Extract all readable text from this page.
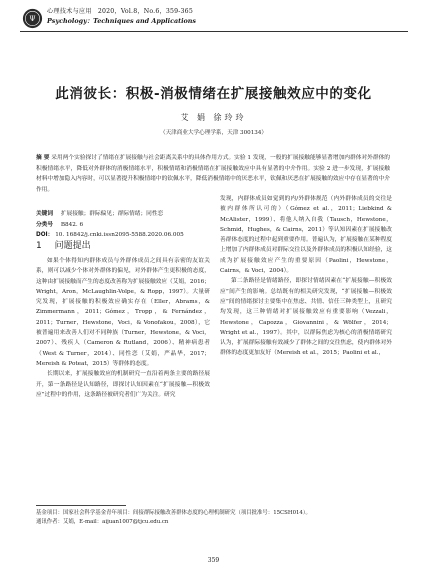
Ψ
心理技术与应用 2020，Vol.8，No.6，359-365
Psychology：Techniques and Applications
此消彼长：积极-消极情绪在扩展接触效应中的变化
艾 娟 徐玲玲
（天津商业大学心理学系，天津 300134）
摘 要 采用两个实验探讨了情绪在扩展接触与社会距离关系中的具体作用方式。实验 1 发现，一般的扩展接触能够显著增加内群体对外群体的积极情绪水平，降低对外群体的消极情绪水平，积极情绪和消极情绪在扩展接触效应中具有显著的中介作用。实验 2 进一步发现，扩展接触材料中增加隐入内容时，可以显著提升积极情绪中的钦佩水平，降低消极情绪中的厌恶水平，钦佩和厌恶在扩展接触的效应中存在显著的中介作用。
关键词 扩展接触；群际偏见；群际情绪；同性恋
分类号 B842. 6
DOI： 10. 16842/j.cnki.issn2095-5588.2020.06.005
1 问题提出

如果个体得知内群体成员与外群体成员之间具有亲密的友谊关系，则可以减少个体对外群体的偏见，对外群体产生更积极的态度，这种由扩展接触而产生的态度改善称为扩展接触效应（艾娟，2016；Wright，Aron，McLaughlin-Volpe，& Ropp，1997）。大量研究发现，扩展接触的积极效应确实存在（Eller，Abrams，& Zimmermann，2011；Gómez，Tropp，& Fernández，2011；Turner，Hewstone，Voci，& Vonofakou，2008），它被普遍用来改善人们对不同种族（Turner，Hewstone，& Voci，2007）、残疾人（Cameron & Rutland，2006）、精神病患者（West & Turner，2014）、同性恋（艾娟，严晶华，2017；Mereish & Poteat，2015）等群体的态度。

长期以来，扩展接触效应的机制研究一直沿着两条主要的路径展开，第一条路径是认知路径，即探讨认知因素在“扩展接触—积极效应”过程中的作用，这条路径被研究者们广为关注。研究

发现，内群体成员如觉到的内/外群体规范（内外群体成员的交往是被内群体所认可的）（Gómez et al.，2011；Liebkind & McAlister，1999）、将他人纳入自我（Tausch，Hewstone，Schmid，Hughes，& Cairns，2011）等认知因素在扩展接触改善群体态度的过程中起到重要作用。普遍认为，扩展接触在某种程度上增加了内群体成员对群际交往以及外群体成员的积极认知经验，这成为扩展接触效应产生的重要原因（Paolini，Hewstone，Cairns，& Voci，2004）。

第二条路径是情绪路径，即探讨情绪因素在“扩展接触—积极效应”间产生的影响。总结既有的相关研究发现，“扩展接触—积极效应”间的情绪探讨主要集中在焦虑、共情、信任三种类型上，且研究均发现，这三种情绪对扩展接触效应有重要影响（Vezzali，Hewstone，Capozza，Giovannini，& Wölfer，2014；Wright et al.，1997）。其中，以群际焦虑为核心的消极情绪研究认为，扩展群际接触有效减少了群体之间的交往焦虑，使内群体对外群体的态度更加友好（Mereish et al.，2015；Paolini et al.，

基金项目：国家社会科学基金青年项目：间接群际接触改善群体态度的心理机制研究（项目批准号：15CSH014）。
通讯作者：艾娟，E-mail：aijuan1007@tjcu.edu.cn
359
